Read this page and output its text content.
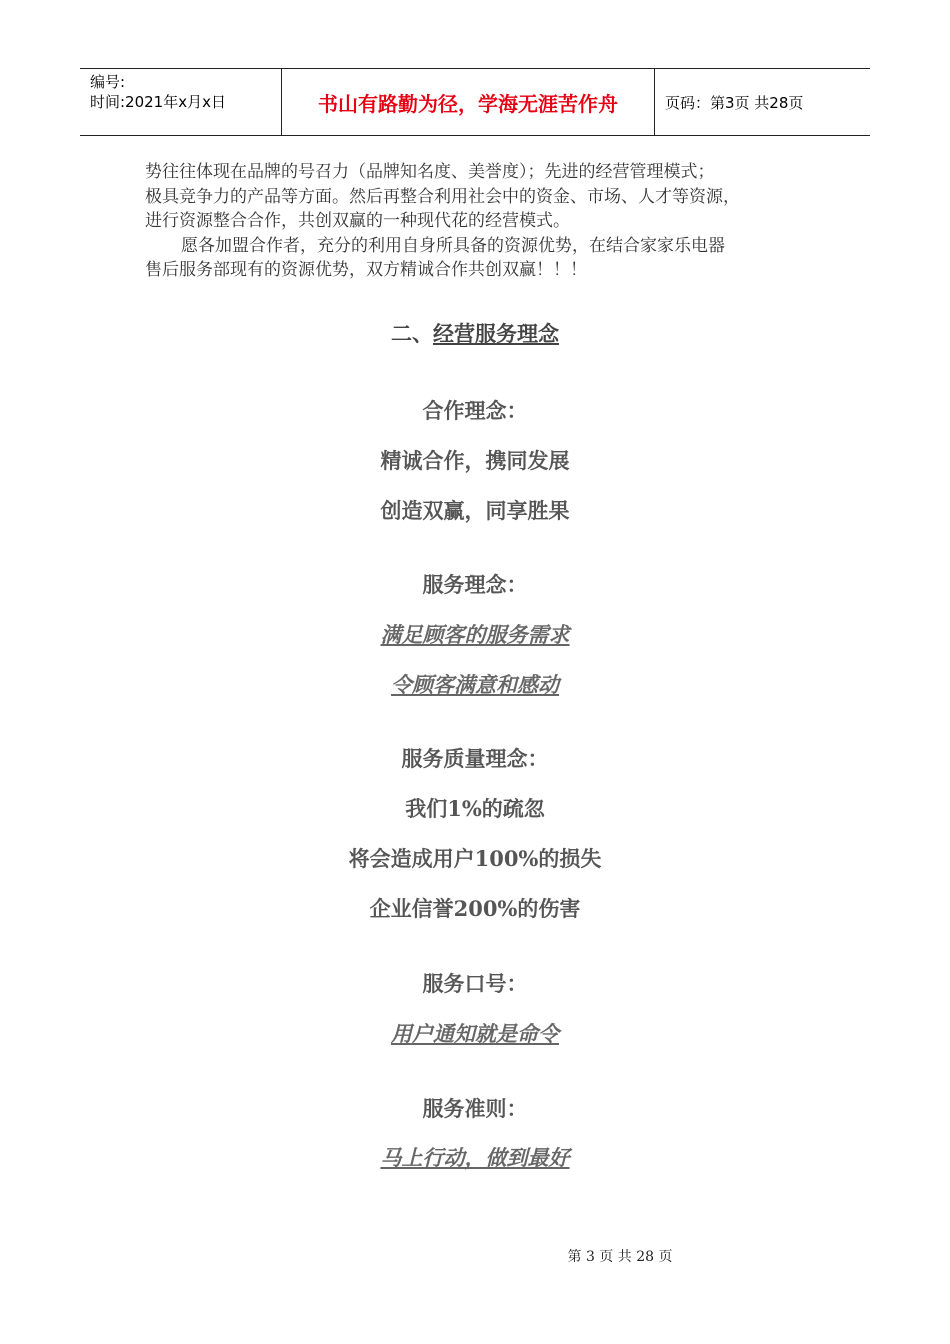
编号:
时间:2021年x月x日	书山有路勤为径，学海无涯苦作舟	页码：第3页 共28页

势往往体现在品牌的号召力（品牌知名度、美誉度）；先进的经营管理模式；

极具竞争力的产品等方面。然后再整合利用社会中的资金、市场、人才等资源，

进行资源整合合作，共创双赢的一种现代花的经营模式。

愿各加盟合作者，充分的利用自身所具备的资源优势，在结合家家乐电器

售后服务部现有的资源优势，双方精诚合作共创双赢！！！

二、经营服务理念

合作理念：

精诚合作，携同发展

创造双赢，同享胜果

服务理念：

满足顾客的服务需求

令顾客满意和感动

服务质量理念：

我们1%的疏忽

将会造成用户100%的损失

企业信誉200%的伤害

服务口号：

用户通知就是命令

服务准则：

马上行动，做到最好

第 3 页 共 28 页
